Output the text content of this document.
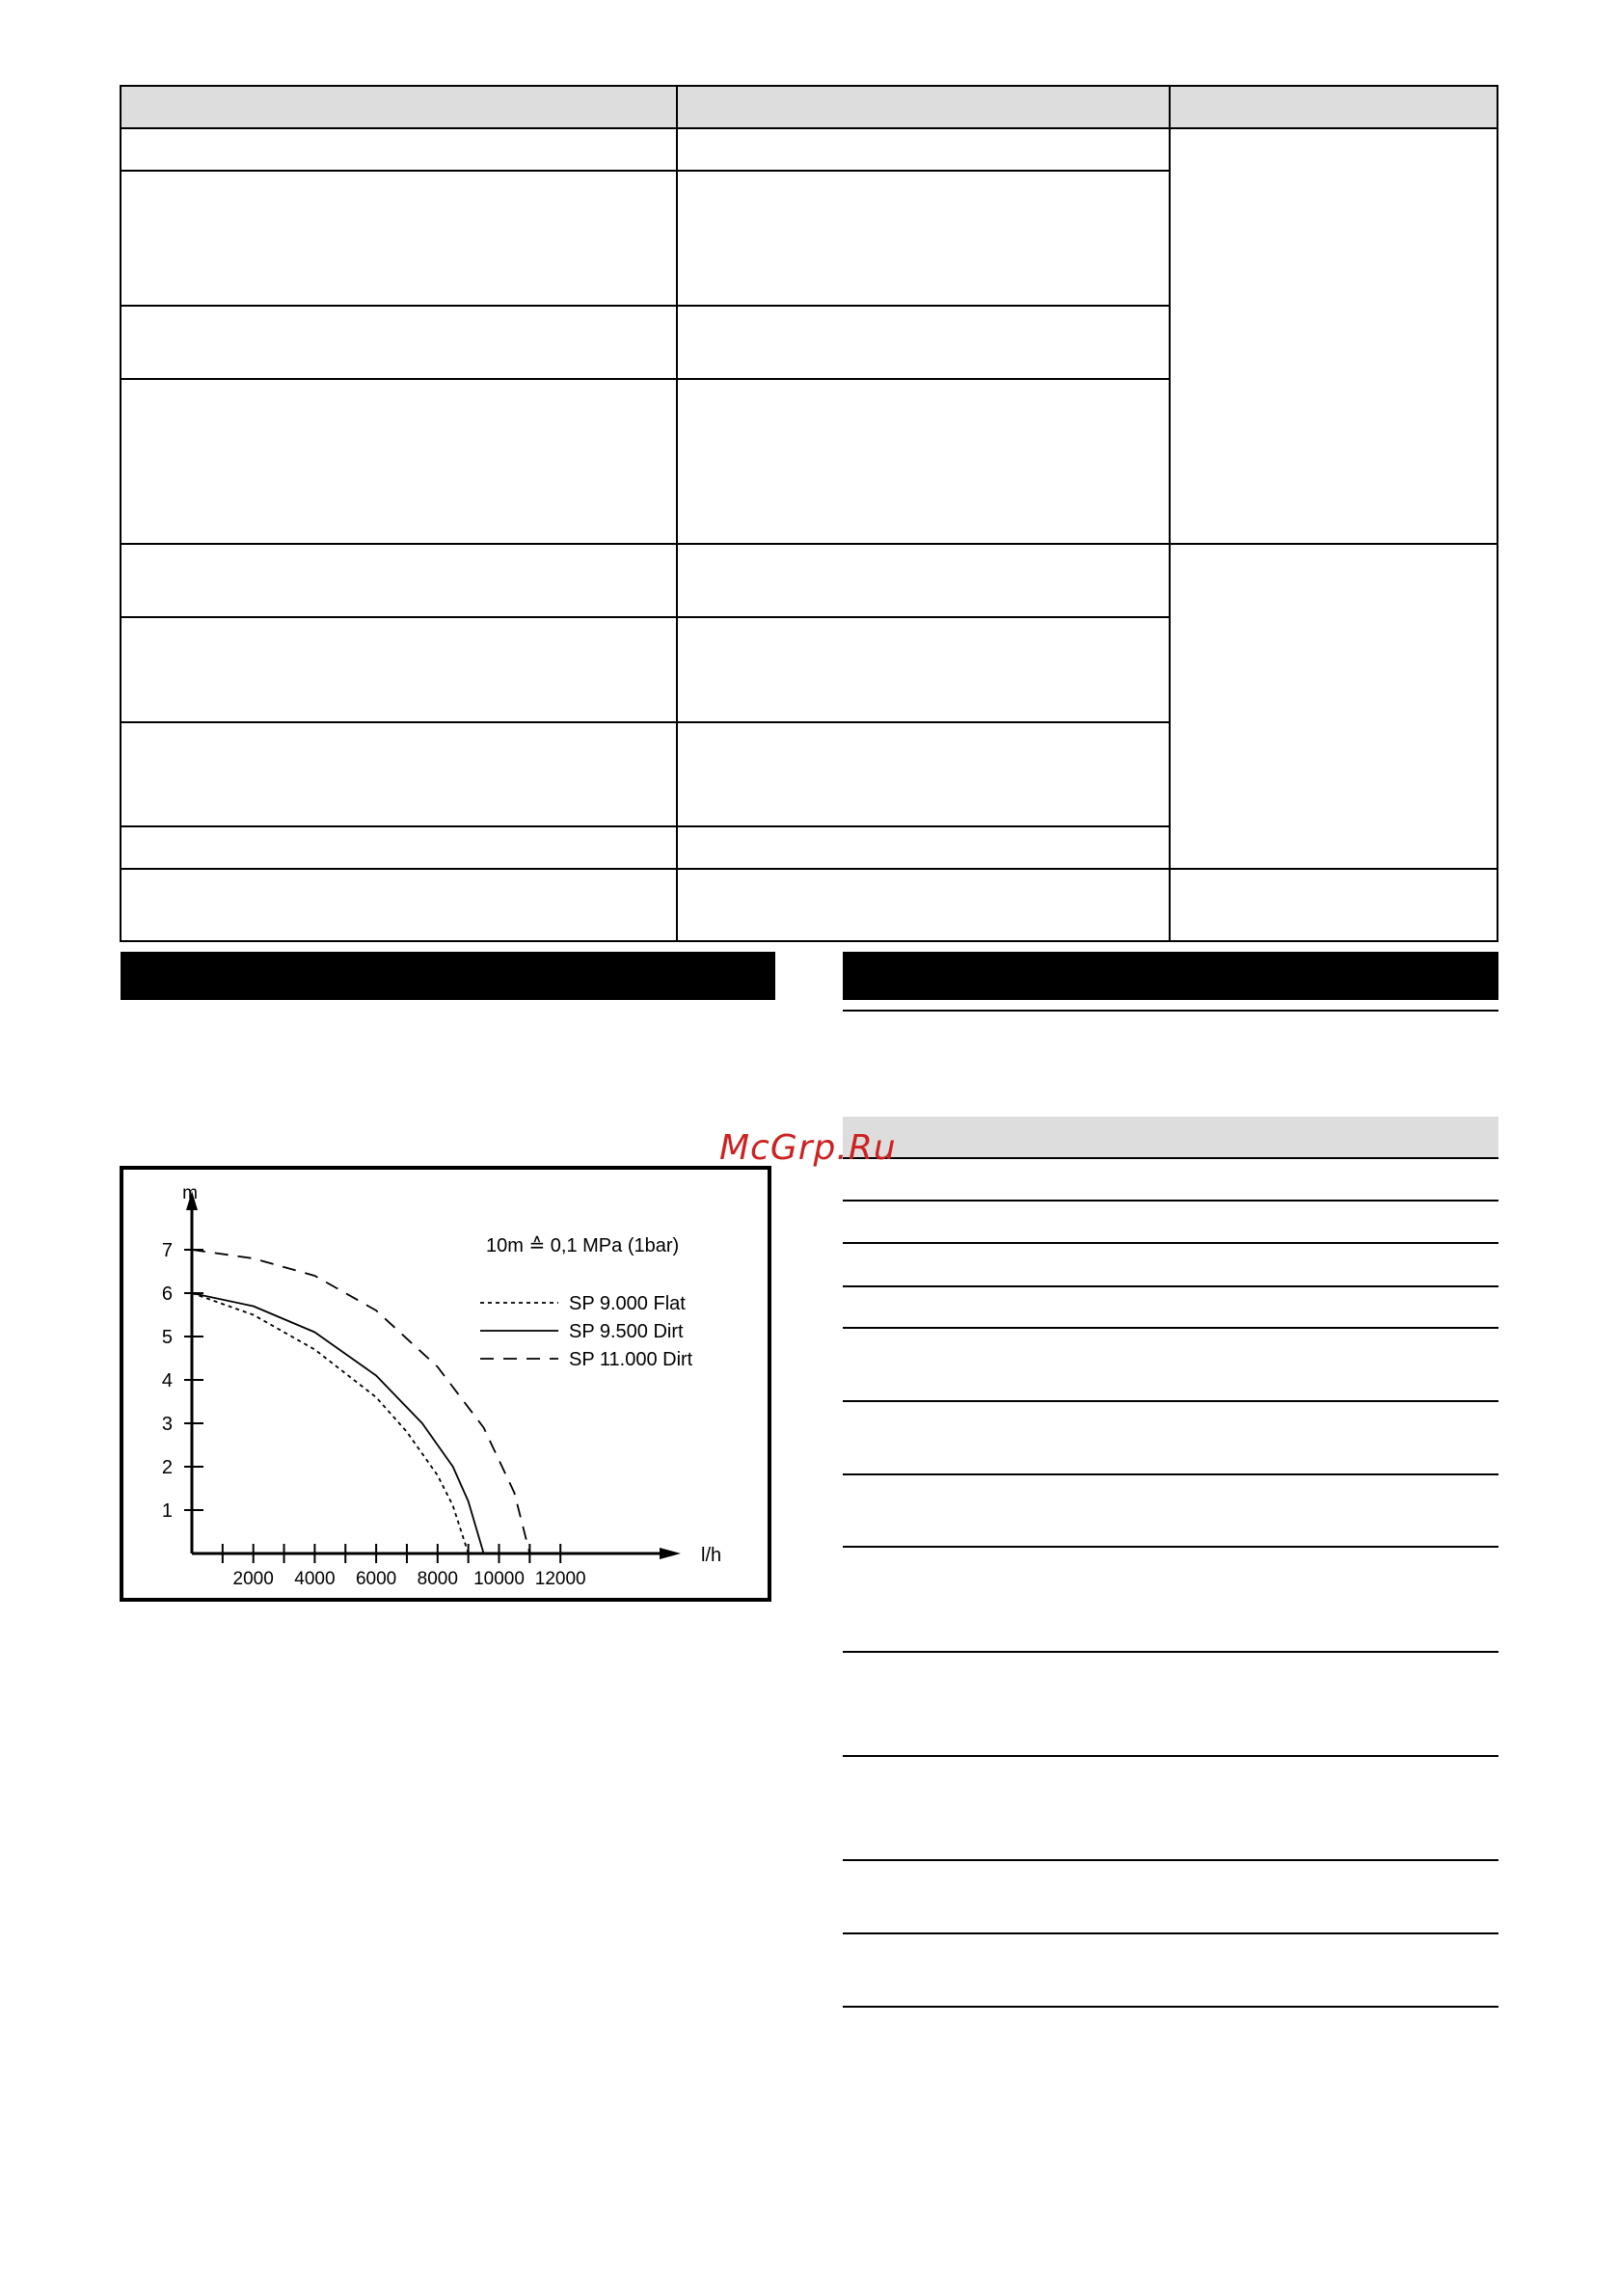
McGrp.Ru
m
l/h
10m ≙ 0,1 MPa (1bar)
2000 4000 6000 8000 10000 12000
1
2
3
4
5
6
7
SP 9.000 Flat
SP 9.500 Dirt
SP 11.000 Dirt
